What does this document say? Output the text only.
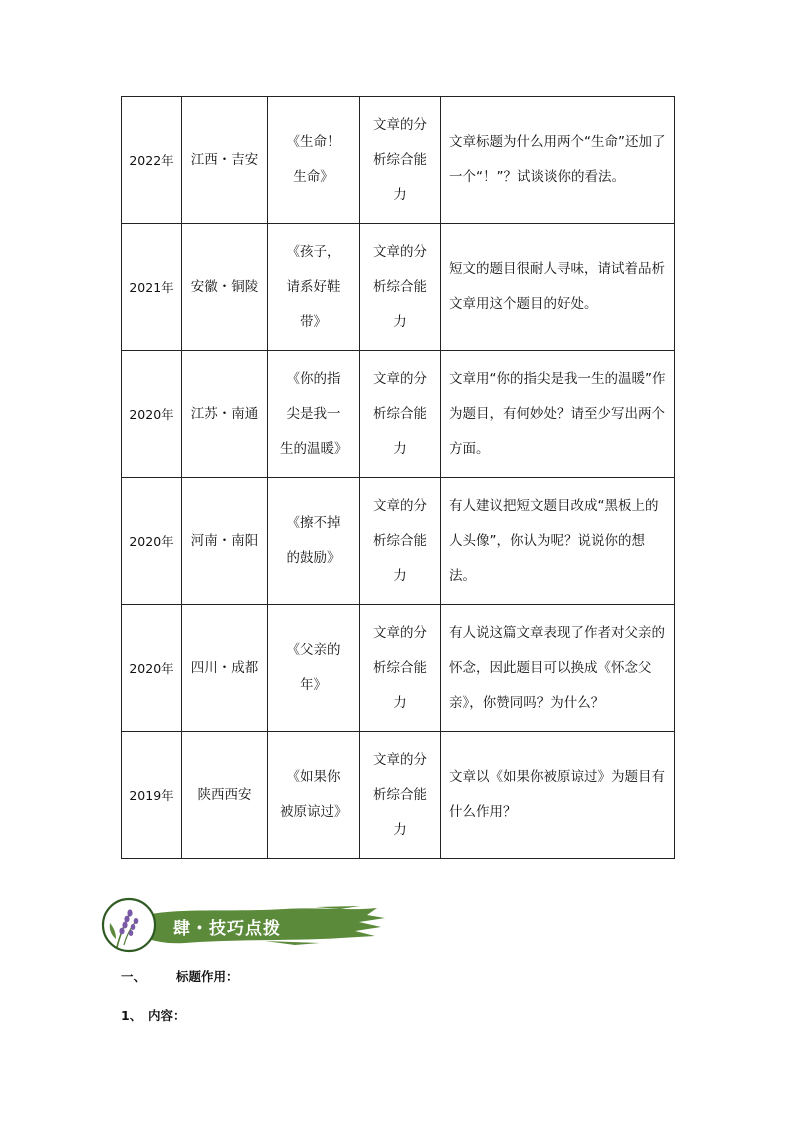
2022年	江西・吉安	《生命！生命》	文章的分析综合能力	文章标题为什么用两个“生命”还加了一个“！”？试谈谈你的看法。
2021年	安徽・铜陵	《孩子，请系好鞋带》	文章的分析综合能力	短文的题目很耐人寻味，请试着品析文章用这个题目的好处。
2020年	江苏・南通	《你的指尖是我一生的温暖》	文章的分析综合能力	文章用“你的指尖是我一生的温暖”作为题目，有何妙处？请至少写出两个方面。
2020年	河南・南阳	《擦不掉的鼓励》	文章的分析综合能力	有人建议把短文题目改成“黑板上的人头像”，你认为呢？说说你的想法。
2020年	四川・成都	《父亲的年》	文章的分析综合能力	有人说这篇文章表现了作者对父亲的怀念，因此题目可以换成《怀念父亲》，你赞同吗？为什么？
2019年	陕西西安	《如果你被原谅过》	文章的分析综合能力	文章以《如果你被原谅过》为题目有什么作用？
肆・技巧点拨
一、 标题作用：
1、 内容：
